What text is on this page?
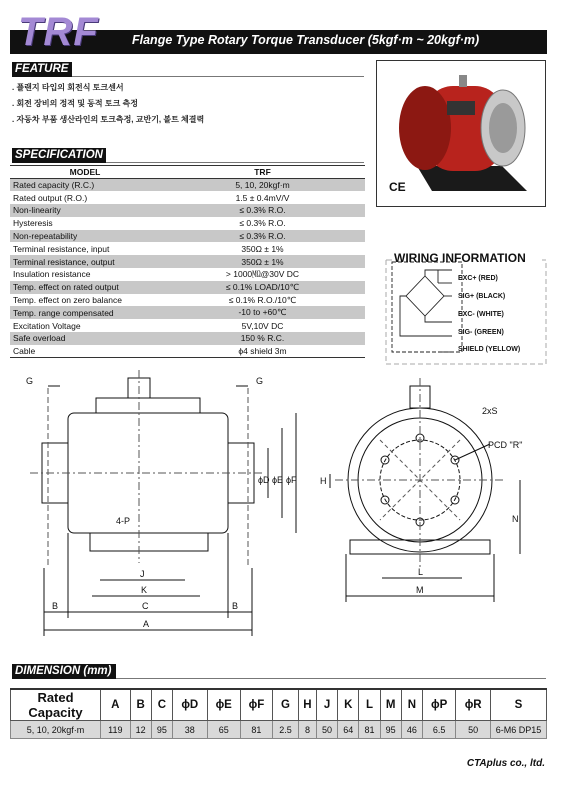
TRF	Flange Type Rotary Torque Transducer (5kgf·m ~ 20kgf·m)
FEATURE
. 플랜지 타입의 회전식 토크센서
. 회전 장비의 정적 및 동적 토크 측정
. 자동차 부품 생산라인의 토크측정, 교반기, 볼트 체결력
SPECIFICATION
MODEL	TRF
Rated capacity (R.C.)	5, 10, 20kgf·m
Rated output (R.O.)	1.5 ± 0.4mV/V
Non-linearity	≤ 0.3% R.O.
Hysteresis	≤ 0.3% R.O.
Non-repeatability	≤ 0.3% R.O.
Terminal resistance, input	350Ω ± 1%
Terminal resistance, output	350Ω ± 1%
Insulation resistance	> 1000㏁@30V DC
Temp. effect on rated output	≤ 0.1% LOAD/10℃
Temp. effect on zero balance	≤ 0.1% R.O./10℃
Temp. range compensated	-10 to +60℃
Excitation Voltage	5V,10V DC
Safe overload	150 % R.C.
Cable	ϕ4 shield 3m
CE
WIRING INFORMATION
EXC+ (RED)
SIG+ (BLACK)
EXC- (WHITE)
SIG- (GREEN)
SHIELD (YELLOW)
G	G
4-P
J
K
C
B	B
A
ϕD ϕE ϕF
2xS
PCD "R"
H
N
L
M
DIMENSION (mm)
Rated Capacity	A	B	C	ϕD	ϕE	ϕF	G	H	J	K	L	M	N	ϕP	ϕR	S
5, 10, 20kgf·m	119	12	95	38	65	81	2.5	8	50	64	81	95	46	6.5	50	6-M6 DP15
CTAplus co., ltd.
